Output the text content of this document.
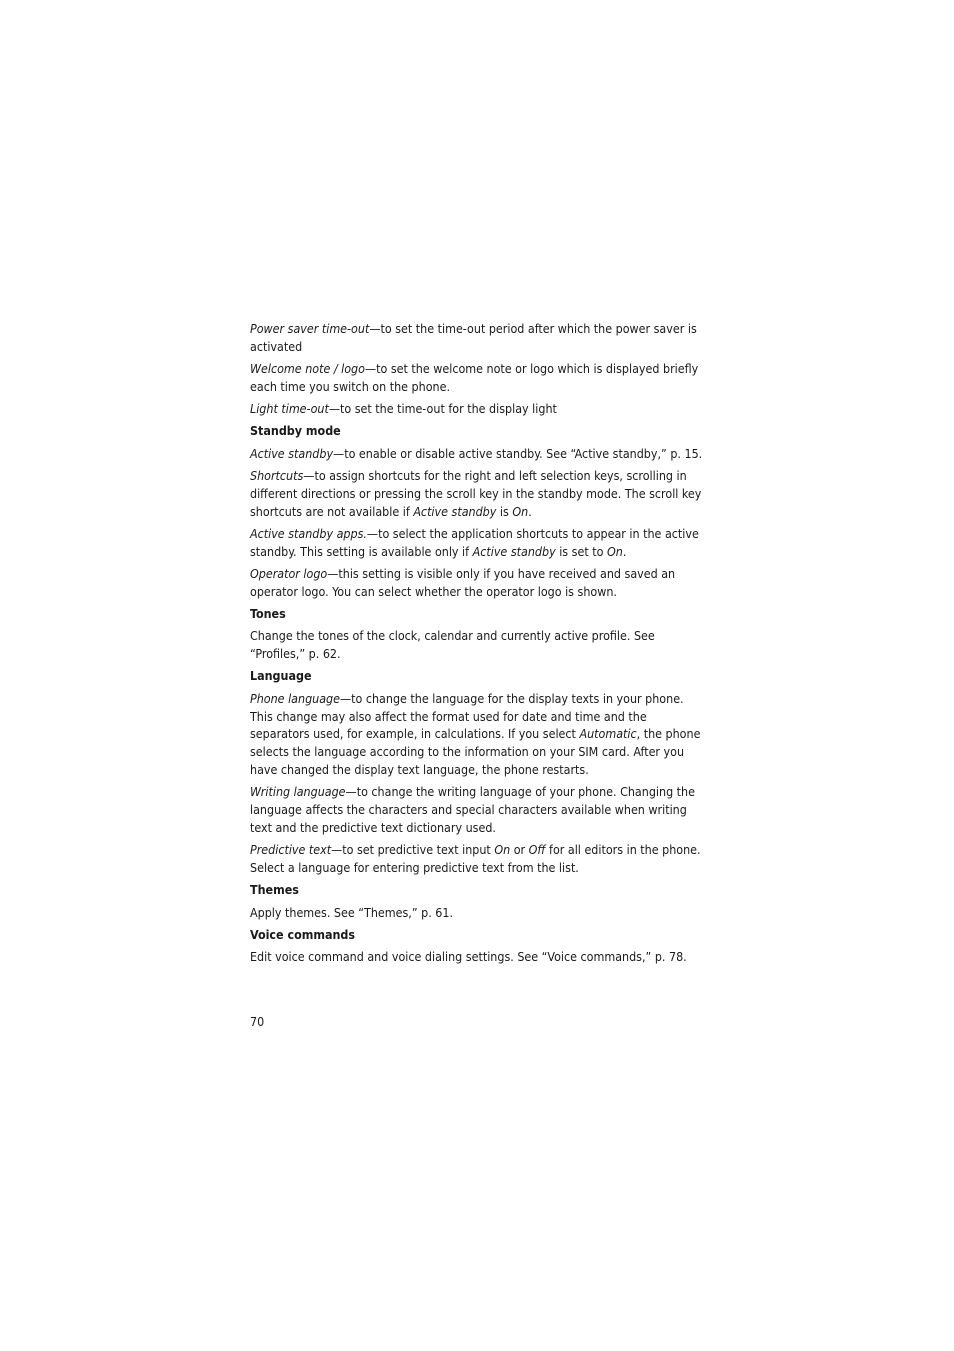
Power saver time-out—to set the time-out period after which the power saver is activated

Welcome note / logo—to set the welcome note or logo which is displayed briefly each time you switch on the phone.

Light time-out—to set the time-out for the display light

Standby mode

Active standby—to enable or disable active standby. See “Active standby,” p. 15.

Shortcuts—to assign shortcuts for the right and left selection keys, scrolling in different directions or pressing the scroll key in the standby mode. The scroll key shortcuts are not available if Active standby is On.

Active standby apps.—to select the application shortcuts to appear in the active standby. This setting is available only if Active standby is set to On.

Operator logo—this setting is visible only if you have received and saved an operator logo. You can select whether the operator logo is shown.

Tones

Change the tones of the clock, calendar and currently active profile. See “Profiles,” p. 62.

Language

Phone language—to change the language for the display texts in your phone. This change may also affect the format used for date and time and the separators used, for example, in calculations. If you select Automatic, the phone selects the language according to the information on your SIM card. After you have changed the display text language, the phone restarts.

Writing language—to change the writing language of your phone. Changing the language affects the characters and special characters available when writing text and the predictive text dictionary used.

Predictive text—to set predictive text input On or Off for all editors in the phone. Select a language for entering predictive text from the list.

Themes

Apply themes. See “Themes,” p. 61.

Voice commands

Edit voice command and voice dialing settings. See “Voice commands,” p. 78.

70
